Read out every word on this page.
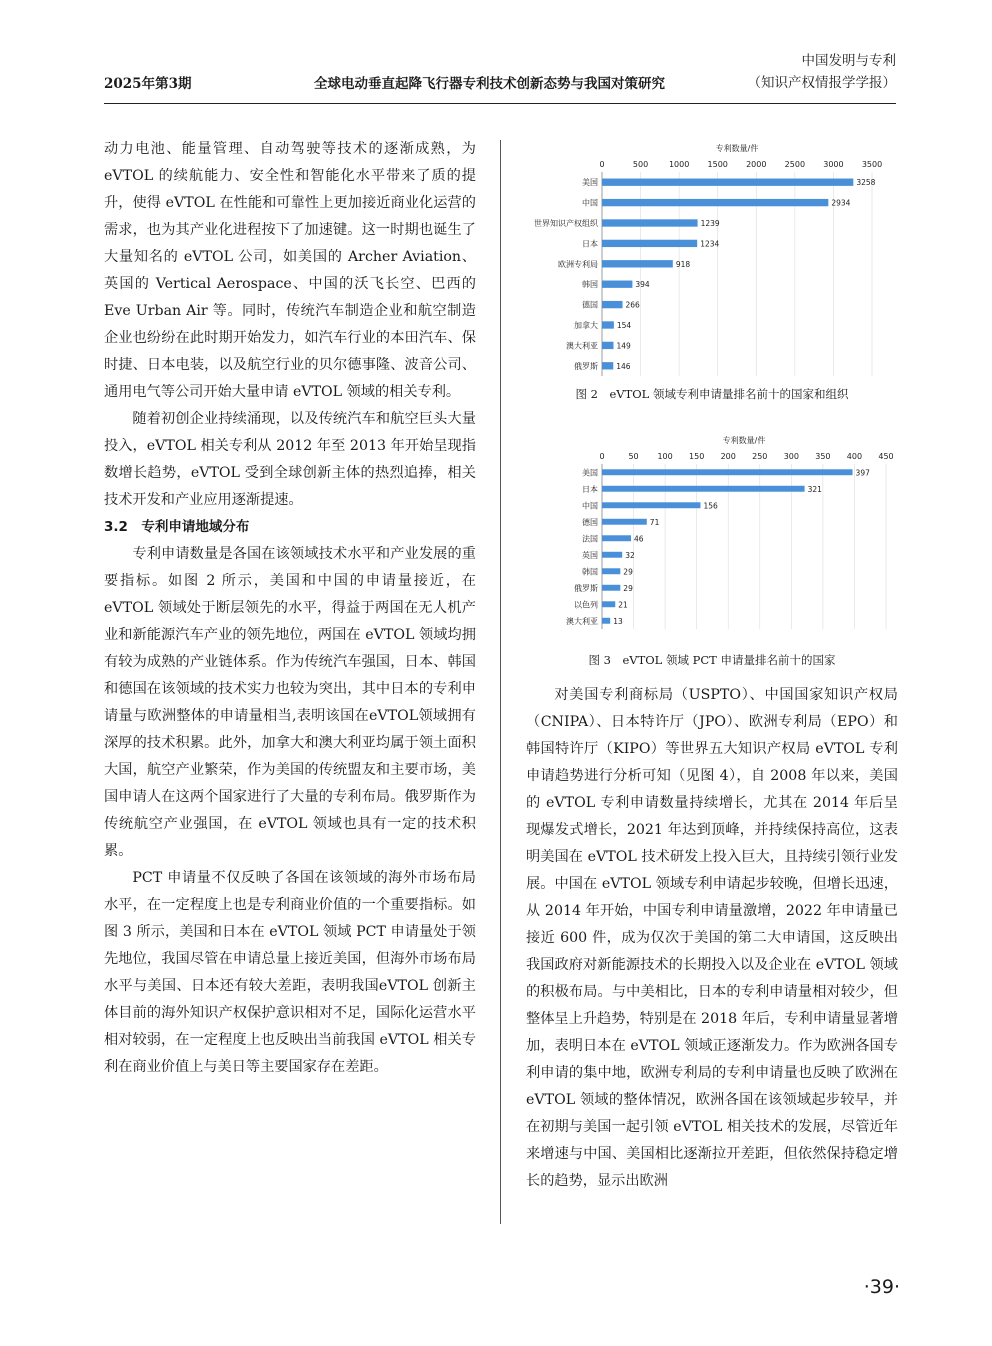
2025年第3期	全球电动垂直起降飞行器专利技术创新态势与我国对策研究
中国发明与专利
（知识产权情报学学报）

动力电池、能量管理、自动驾驶等技术的逐渐成熟，为 eVTOL 的续航能力、安全性和智能化水平带来了质的提升，使得 eVTOL 在性能和可靠性上更加接近商业化运营的需求，也为其产业化进程按下了加速键。这一时期也诞生了大量知名的 eVTOL 公司，如美国的 Archer Aviation、英国的 Vertical Aerospace、中国的沃飞长空、巴西的 Eve Urban Air 等。同时，传统汽车制造企业和航空制造企业也纷纷在此时期开始发力，如汽车行业的本田汽车、保时捷、日本电装，以及航空行业的贝尔德事隆、波音公司、通用电气等公司开始大量申请 eVTOL 领域的相关专利。

随着初创企业持续涌现，以及传统汽车和航空巨头大量投入，eVTOL 相关专利从 2012 年至 2013 年开始呈现指数增长趋势，eVTOL 受到全球创新主体的热烈追捧，相关技术开发和产业应用逐渐提速。

3.2　专利申请地域分布

专利申请数量是各国在该领域技术水平和产业发展的重要指标。如图 2 所示，美国和中国的申请量接近，在 eVTOL 领域处于断层领先的水平，得益于两国在无人机产业和新能源汽车产业的领先地位，两国在 eVTOL 领域均拥有较为成熟的产业链体系。作为传统汽车强国，日本、韩国和德国在该领域的技术实力也较为突出，其中日本的专利申请量与欧洲整体的申请量相当,表明该国在eVTOL领域拥有深厚的技术积累。此外，加拿大和澳大利亚均属于领土面积大国，航空产业繁荣，作为美国的传统盟友和主要市场，美国申请人在这两个国家进行了大量的专利布局。俄罗斯作为传统航空产业强国，在 eVTOL 领域也具有一定的技术积累。

PCT 申请量不仅反映了各国在该领域的海外市场布局水平，在一定程度上也是专利商业价值的一个重要指标。如图 3 所示，美国和日本在 eVTOL 领域 PCT 申请量处于领先地位，我国尽管在申请总量上接近美国，但海外市场布局水平与美国、日本还有较大差距，表明我国eVTOL 创新主体目前的海外知识产权保护意识相对不足，国际化运营水平相对较弱，在一定程度上也反映出当前我国 eVTOL 相关专利在商业价值上与美日等主要国家存在差距。

专利数量/件
0	500	1000 1500 2000 2500 3000 3500
美国	3258
中国	2934
世界知识产权组织	1239
日本	1234
欧洲专利局	918
韩国	394
德国	266
加拿大	154
澳大利亚 149
俄罗斯 146
图 2　eVTOL 领域专利申请量排名前十的国家和组织
专利数量/件
0	50 100 150 200 250 300 350 400 450
美国	397
日本	321
中国	156
德国	71
法国	46
英国	32
韩国	29
俄罗斯	29
以色列	21
澳大利亚 13
图 3　eVTOL 领域 PCT 申请量排名前十的国家

对美国专利商标局（USPTO）、中国国家知识产权局（CNIPA）、日本特许厅（JPO）、欧洲专利局（EPO）和韩国特许厅（KIPO）等世界五大知识产权局 eVTOL 专利申请趋势进行分析可知（见图 4），自 2008 年以来，美国的 eVTOL 专利申请数量持续增长，尤其在 2014 年后呈现爆发式增长，2021 年达到顶峰，并持续保持高位，这表明美国在 eVTOL 技术研发上投入巨大，且持续引领行业发展。中国在 eVTOL 领域专利申请起步较晚，但增长迅速，从 2014 年开始，中国专利申请量激增，2022 年申请量已接近 600 件，成为仅次于美国的第二大申请国，这反映出我国政府对新能源技术的长期投入以及企业在 eVTOL 领域的积极布局。与中美相比，日本的专利申请量相对较少，但整体呈上升趋势，特别是在 2018 年后，专利申请量显著增加，表明日本在 eVTOL 领域正逐渐发力。作为欧洲各国专利申请的集中地，欧洲专利局的专利申请量也反映了欧洲在 eVTOL 领域的整体情况，欧洲各国在该领域起步较早，并在初期与美国一起引领 eVTOL 相关技术的发展，尽管近年来增速与中国、美国相比逐渐拉开差距，但依然保持稳定增长的趋势，显示出欧洲

·39·
